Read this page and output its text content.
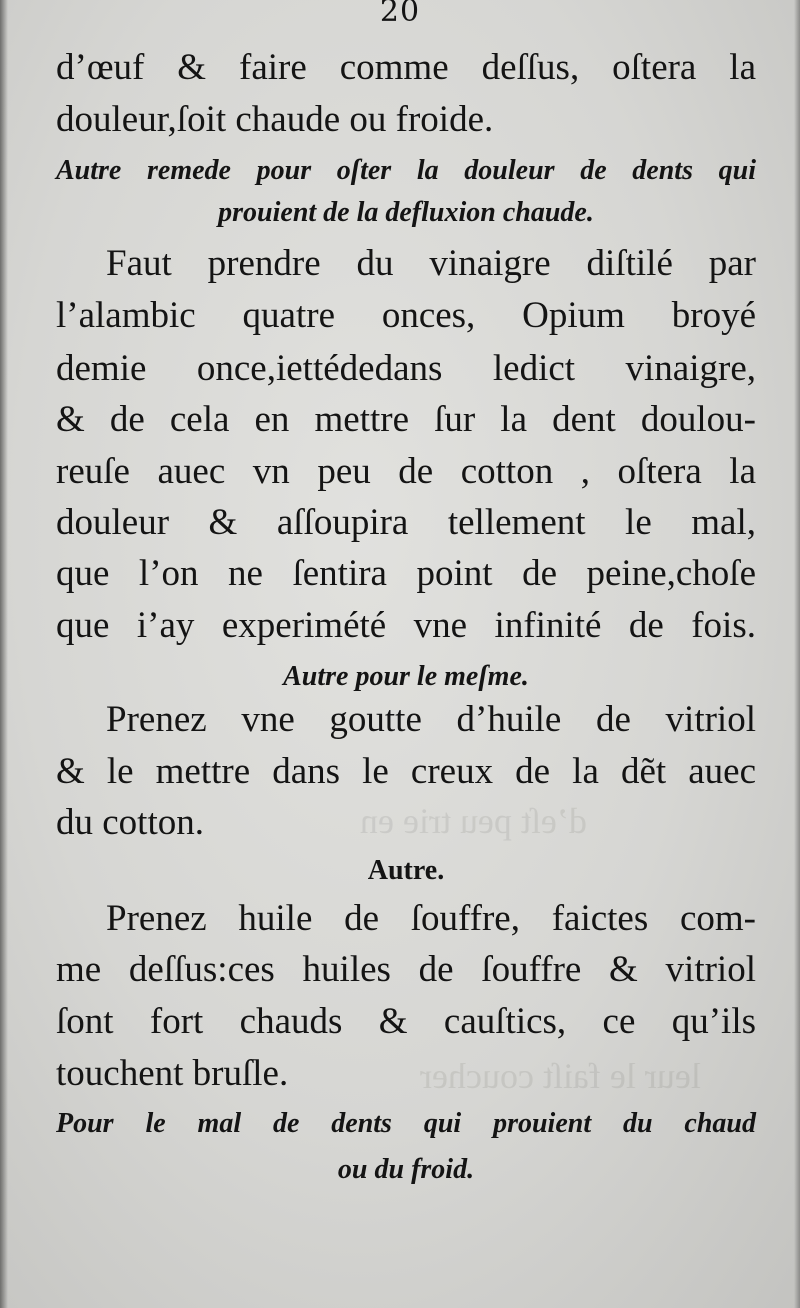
d’eſt peu trie en
leur le faiſt coucher
20
d’œuf & faire comme deſſus, oſtera la
douleur,ſoit chaude ou froide.
Autre remede pour oſter la douleur de dents qui
prouient de la defluxion chaude.
Faut prendre du vinaigre diſtilé par
l’alambic quatre onces, Opium broyé
demie once,iettédedans ledict vinaigre,
& de cela en mettre ſur la dent doulou-
reuſe auec vn peu de cotton , oſtera la
douleur & aſſoupira tellement le mal,
que l’on ne ſentira point de peine,choſe
que i’ay experimété vne infinité de fois.
Autre pour le meſme.
Prenez vne goutte d’huile de vitriol
& le mettre dans le creux de la dẽt auec
du cotton.
Autre.
Prenez huile de ſouffre, faictes com-
me deſſus:ces huiles de ſouffre & vitriol
ſont fort chauds & cauſtics, ce qu’ils
touchent bruſle.
Pour le mal de dents qui prouient du chaud
ou du froid.
